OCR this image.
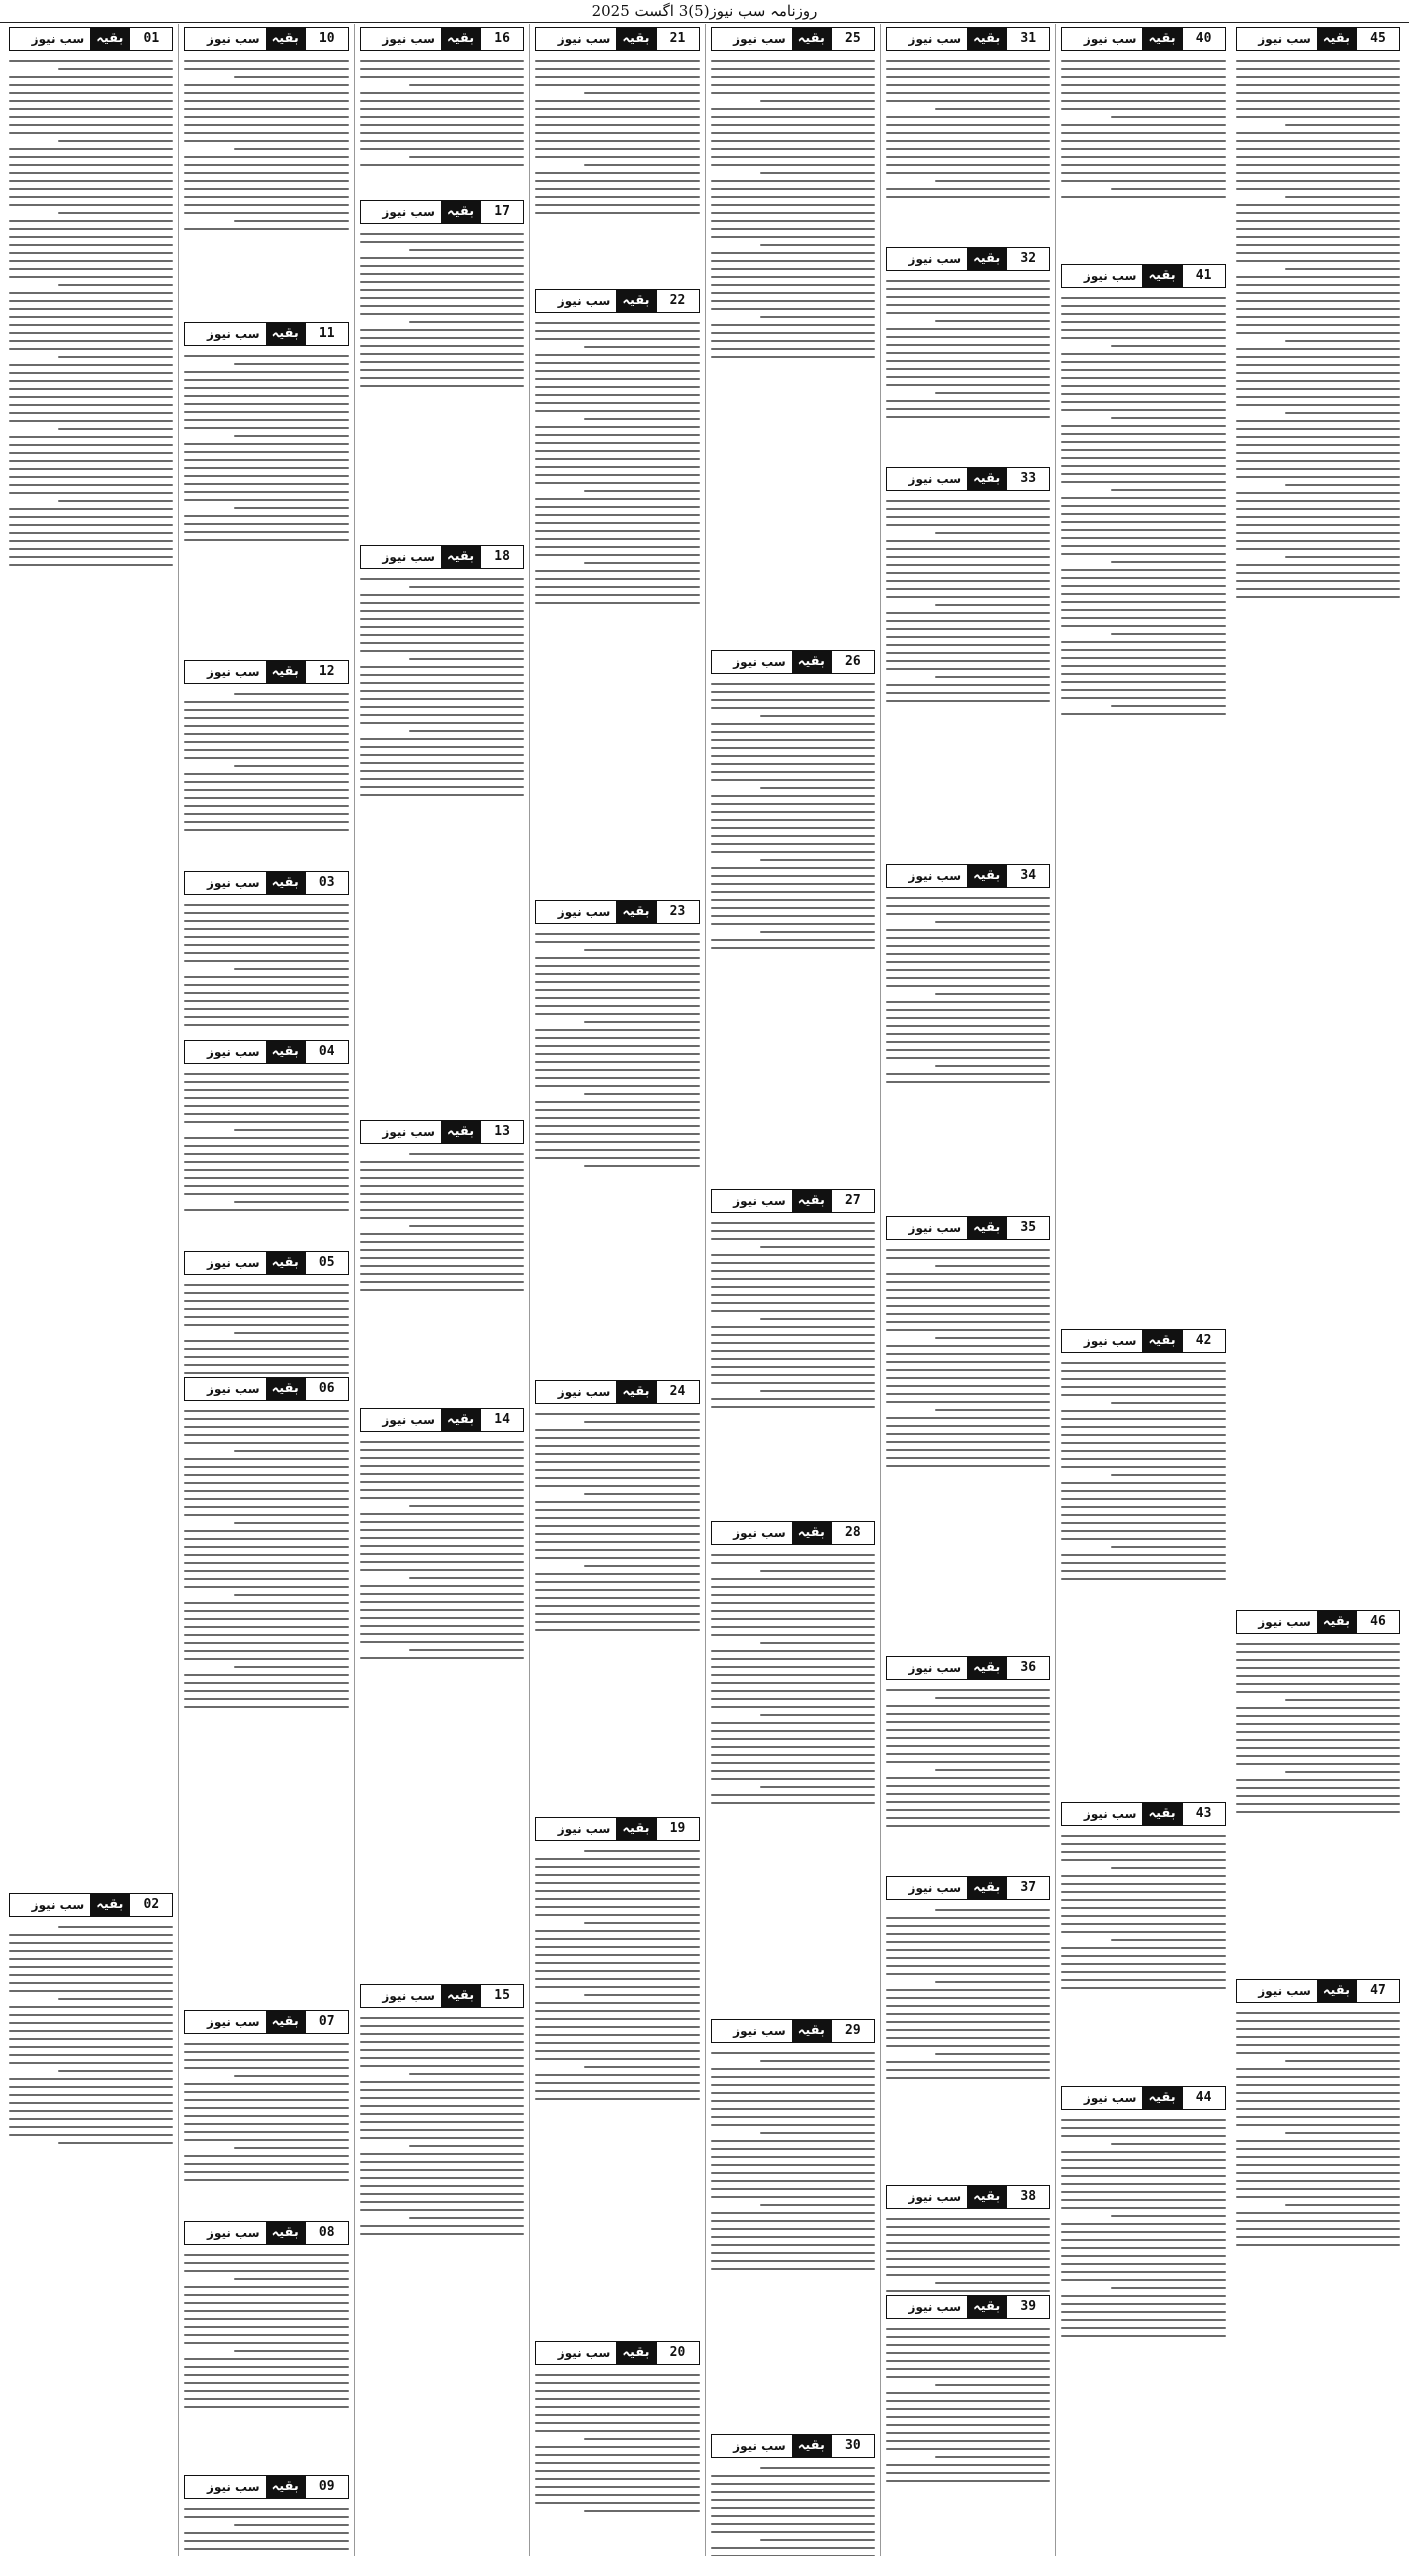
روزنامہ سب نیوز(5)3 اگست 2025
45
بقیہ
سب نیوز
46
بقیہ
سب نیوز
47
بقیہ
سب نیوز
40
بقیہ
سب نیوز
41
بقیہ
سب نیوز
42
بقیہ
سب نیوز
43
بقیہ
سب نیوز
44
بقیہ
سب نیوز
31
بقیہ
سب نیوز
32
بقیہ
سب نیوز
33
بقیہ
سب نیوز
34
بقیہ
سب نیوز
35
بقیہ
سب نیوز
36
بقیہ
سب نیوز
37
بقیہ
سب نیوز
38
بقیہ
سب نیوز
39
بقیہ
سب نیوز
25
بقیہ
سب نیوز
26
بقیہ
سب نیوز
27
بقیہ
سب نیوز
28
بقیہ
سب نیوز
29
بقیہ
سب نیوز
30
بقیہ
سب نیوز
21
بقیہ
سب نیوز
22
بقیہ
سب نیوز
23
بقیہ
سب نیوز
24
بقیہ
سب نیوز
19
بقیہ
سب نیوز
20
بقیہ
سب نیوز
16
بقیہ
سب نیوز
17
بقیہ
سب نیوز
18
بقیہ
سب نیوز
13
بقیہ
سب نیوز
14
بقیہ
سب نیوز
15
بقیہ
سب نیوز
10
بقیہ
سب نیوز
11
بقیہ
سب نیوز
12
بقیہ
سب نیوز
03
بقیہ
سب نیوز
04
بقیہ
سب نیوز
05
بقیہ
سب نیوز
06
بقیہ
سب نیوز
07
بقیہ
سب نیوز
08
بقیہ
سب نیوز
09
بقیہ
سب نیوز
01
بقیہ
سب نیوز
02
بقیہ
سب نیوز
